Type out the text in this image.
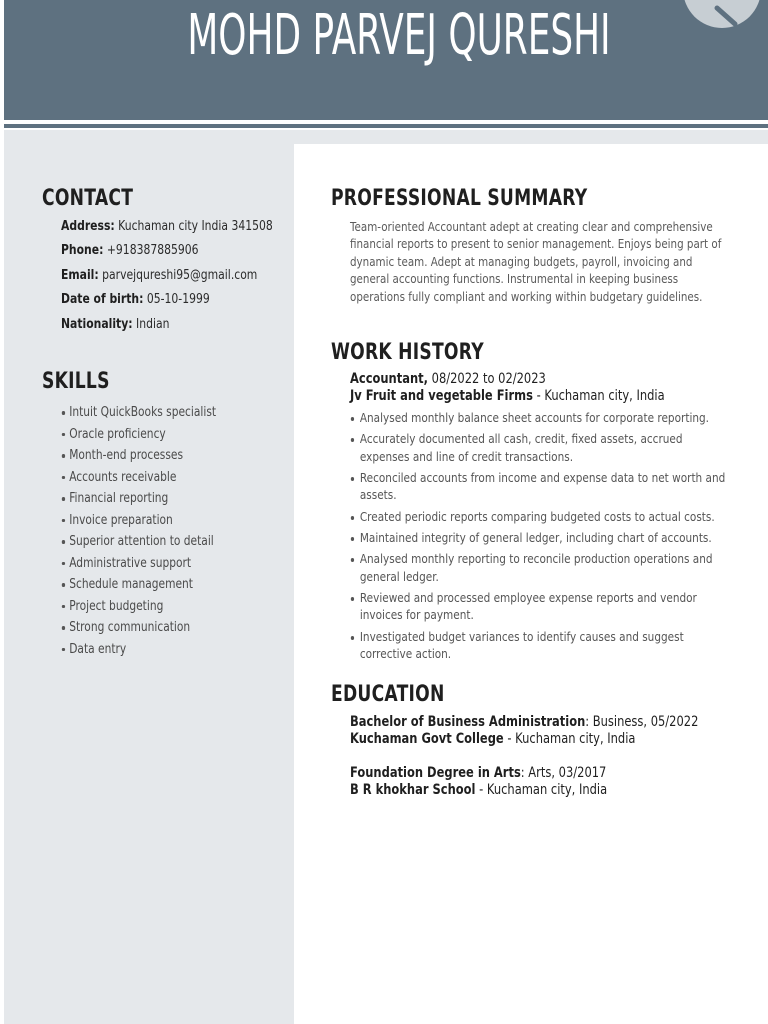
MOHD PARVEJ QURESHI
CONTACT
Address: Kuchaman city India 341508
Phone: +918387885906
Email: parvejqureshi95@gmail.com
Date of birth: 05-10-1999
Nationality: Indian
SKILLS
Intuit QuickBooks specialist
Oracle proficiency
Month-end processes
Accounts receivable
Financial reporting
Invoice preparation
Superior attention to detail
Administrative support
Schedule management
Project budgeting
Strong communication
Data entry
PROFESSIONAL SUMMARY

Team-oriented Accountant adept at creating clear and comprehensive financial reports to present to senior management. Enjoys being part of dynamic team. Adept at managing budgets, payroll, invoicing and general accounting functions. Instrumental in keeping business operations fully compliant and working within budgetary guidelines.

WORK HISTORY
Accountant, 08/2022 to 02/2023
Jv Fruit and vegetable Firms - Kuchaman city, India
Analysed monthly balance sheet accounts for corporate reporting.
Accurately documented all cash, credit, fixed assets, accrued expenses and line of credit transactions.
Reconciled accounts from income and expense data to net worth and assets.
Created periodic reports comparing budgeted costs to actual costs.
Maintained integrity of general ledger, including chart of accounts.
Analysed monthly reporting to reconcile production operations and general ledger.
Reviewed and processed employee expense reports and vendor invoices for payment.
Investigated budget variances to identify causes and suggest corrective action.
EDUCATION
Bachelor of Business Administration: Business, 05/2022
Kuchaman Govt College - Kuchaman city, India
Foundation Degree in Arts: Arts, 03/2017
B R khokhar School - Kuchaman city, India
